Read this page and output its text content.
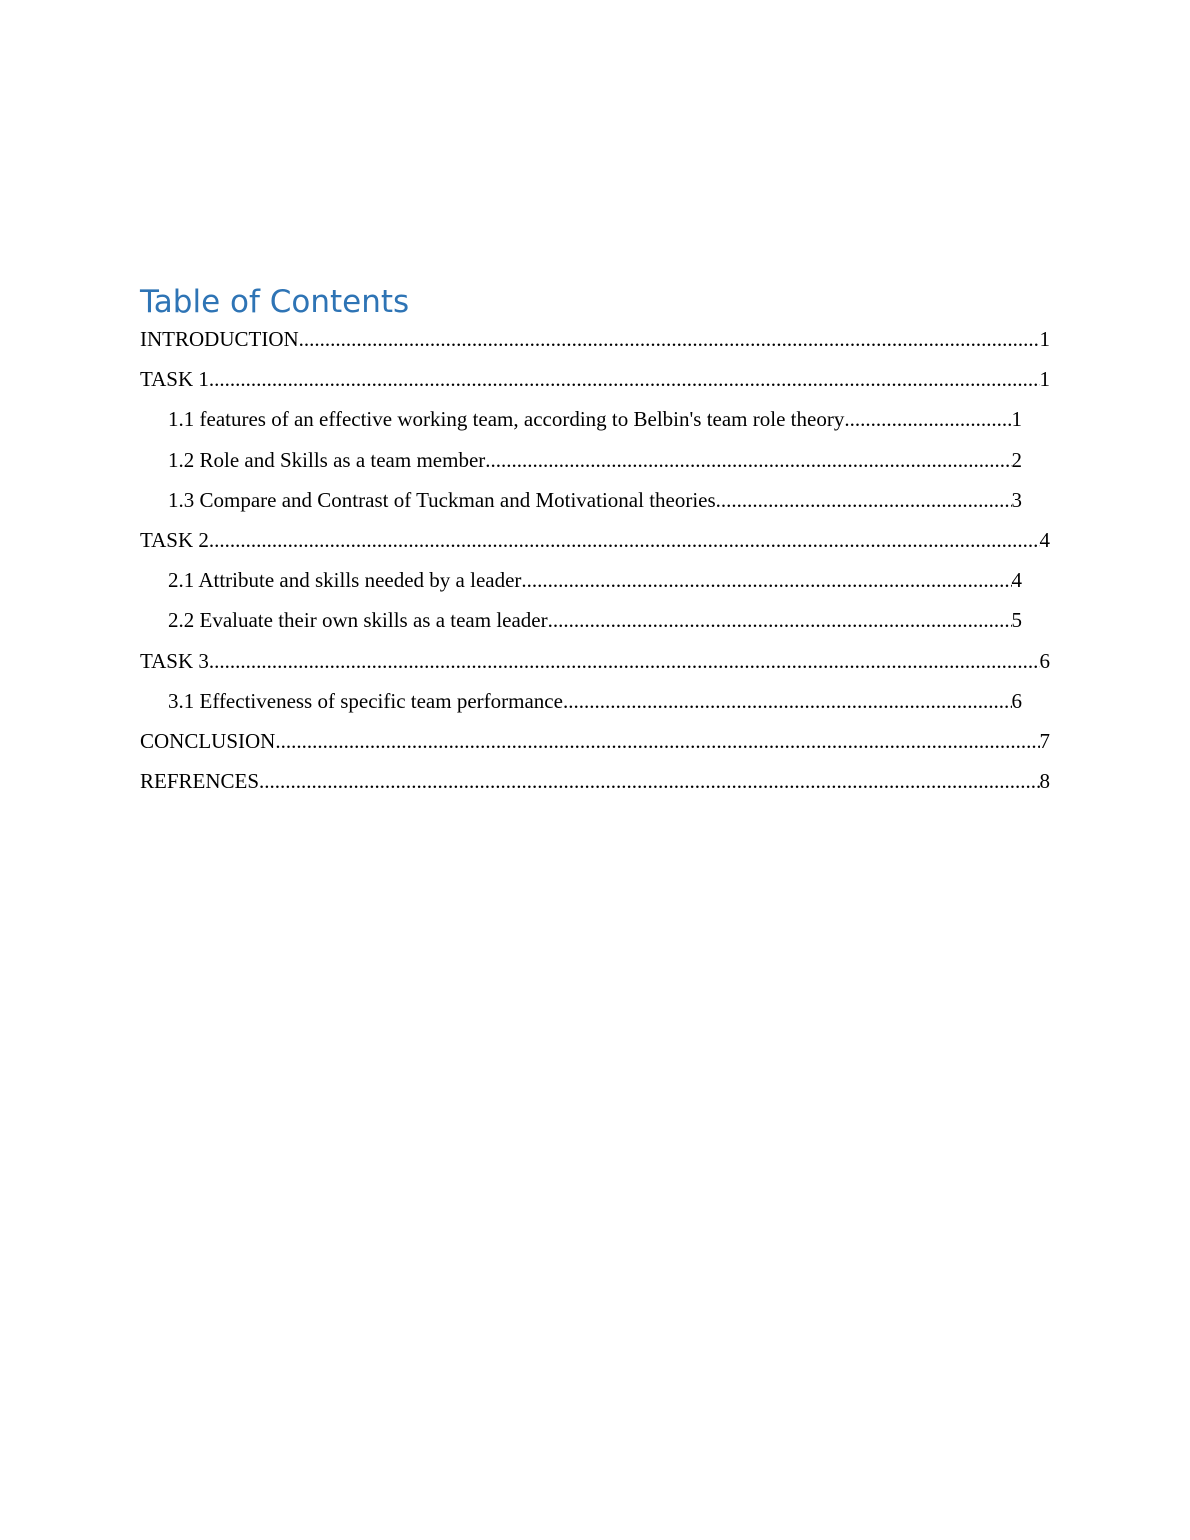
Table of Contents
INTRODUCTION .....	1
TASK 1 .....	1
1.1 features of an effective working team, according to Belbin's team role theory .....	1
1.2 Role and Skills as a team member .....	2
1.3 Compare and Contrast of Tuckman and Motivational theories .....	3
TASK 2 .....	4
2.1 Attribute and skills needed by a leader .....	4
2.2 Evaluate their own skills as a team leader .....	5
TASK 3 .....	6
3.1 Effectiveness of specific team performance .....	6
CONCLUSION .....	7
REFRENCES .....	8
